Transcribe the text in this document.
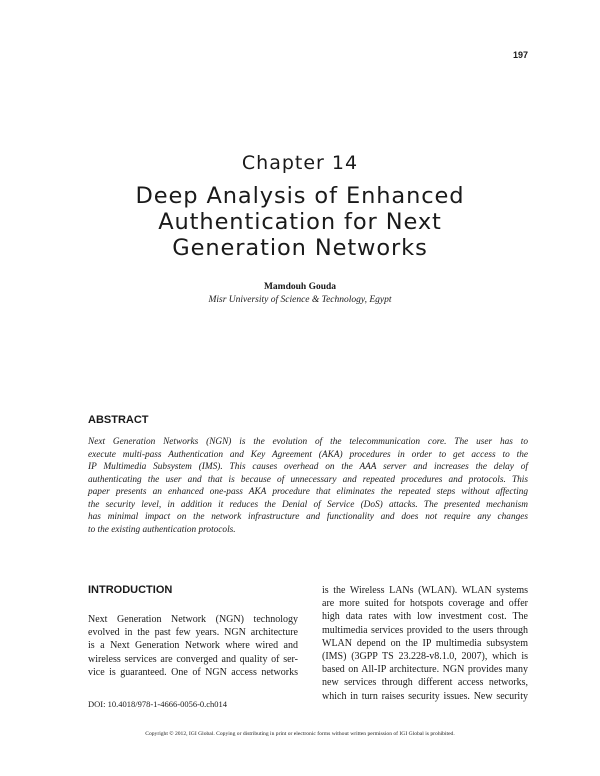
197
Chapter 14
Deep Analysis of Enhanced
Authentication for Next
Generation Networks
Mamdouh Gouda
Misr University of Science & Technology, Egypt
ABSTRACT
Next Generation Networks (NGN) is the evolution of the telecommunication core. The user has to
execute multi-pass Authentication and Key Agreement (AKA) procedures in order to get access to the
IP Multimedia Subsystem (IMS). This causes overhead on the AAA server and increases the delay of
authenticating the user and that is because of unnecessary and repeated procedures and protocols. This
paper presents an enhanced one-pass AKA procedure that eliminates the repeated steps without affecting
the security level, in addition it reduces the Denial of Service (DoS) attacks. The presented mechanism
has minimal impact on the network infrastructure and functionality and does not require any changes
to the existing authentication protocols.
INTRODUCTION
Next Generation Network (NGN) technology
evolved in the past few years. NGN architecture
is a Next Generation Network where wired and
wireless services are converged and quality of ser-
vice is guaranteed. One of NGN access networks
is the Wireless LANs (WLAN). WLAN systems
are more suited for hotspots coverage and offer
high data rates with low investment cost. The
multimedia services provided to the users through
WLAN depend on the IP multimedia subsystem
(IMS) (3GPP TS 23.228-v8.1.0, 2007), which is
based on All-IP architecture. NGN provides many
new services through different access networks,
which in turn raises security issues. New security
DOI: 10.4018/978-1-4666-0056-0.ch014
Copyright © 2012, IGI Global. Copying or distributing in print or electronic forms without written permission of IGI Global is prohibited.
